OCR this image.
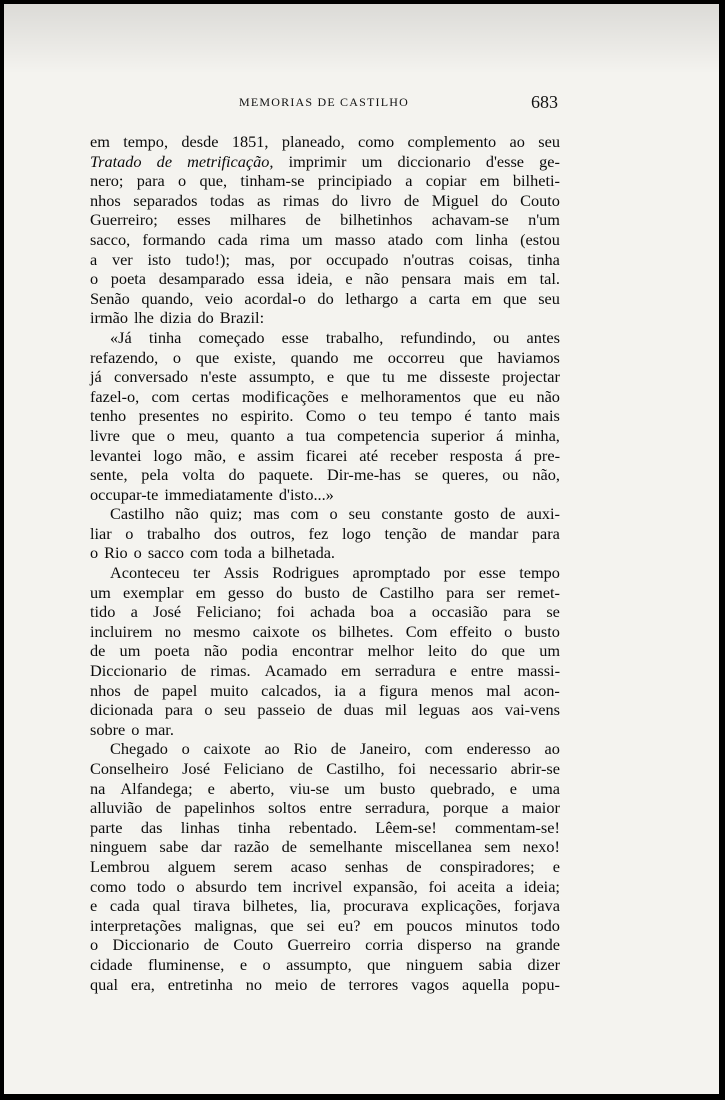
MEMORIAS DE CASTILHO	683
em tempo, desde 1851, planeado, como complemento ao seu
Tratado de metrificação, imprimir um diccionario d'esse ge-
nero; para o que, tinham-se principiado a copiar em bilheti-
nhos separados todas as rimas do livro de Miguel do Couto
Guerreiro; esses milhares de bilhetinhos achavam-se n'um
sacco, formando cada rima um masso atado com linha (estou
a ver isto tudo!); mas, por occupado n'outras coisas, tinha
o poeta desamparado essa ideia, e não pensara mais em tal.
Senão quando, veio acordal-o do lethargo a carta em que seu
irmão lhe dizia do Brazil:
«Já tinha começado esse trabalho, refundindo, ou antes
refazendo, o que existe, quando me occorreu que haviamos
já conversado n'este assumpto, e que tu me disseste projectar
fazel-o, com certas modificações e melhoramentos que eu não
tenho presentes no espirito. Como o teu tempo é tanto mais
livre que o meu, quanto a tua competencia superior á minha,
levantei logo mão, e assim ficarei até receber resposta á pre-
sente, pela volta do paquete. Dir-me-has se queres, ou não,
occupar-te immediatamente d'isto...»
Castilho não quiz; mas com o seu constante gosto de auxi-
liar o trabalho dos outros, fez logo tenção de mandar para
o Rio o sacco com toda a bilhetada.
Aconteceu ter Assis Rodrigues apromptado por esse tempo
um exemplar em gesso do busto de Castilho para ser remet-
tido a José Feliciano; foi achada boa a occasião para se
incluirem no mesmo caixote os bilhetes. Com effeito o busto
de um poeta não podia encontrar melhor leito do que um
Diccionario de rimas. Acamado em serradura e entre massi-
nhos de papel muito calcados, ia a figura menos mal acon-
dicionada para o seu passeio de duas mil leguas aos vai-vens
sobre o mar.
Chegado o caixote ao Rio de Janeiro, com enderesso ao
Conselheiro José Feliciano de Castilho, foi necessario abrir-se
na Alfandega; e aberto, viu-se um busto quebrado, e uma
alluvião de papelinhos soltos entre serradura, porque a maior
parte das linhas tinha rebentado. Lêem-se! commentam-se!
ninguem sabe dar razão de semelhante miscellanea sem nexo!
Lembrou alguem serem acaso senhas de conspiradores; e
como todo o absurdo tem incrivel expansão, foi aceita a ideia;
e cada qual tirava bilhetes, lia, procurava explicações, forjava
interpretações malignas, que sei eu? em poucos minutos todo
o Diccionario de Couto Guerreiro corria disperso na grande
cidade fluminense, e o assumpto, que ninguem sabia dizer
qual era, entretinha no meio de terrores vagos aquella popu-
